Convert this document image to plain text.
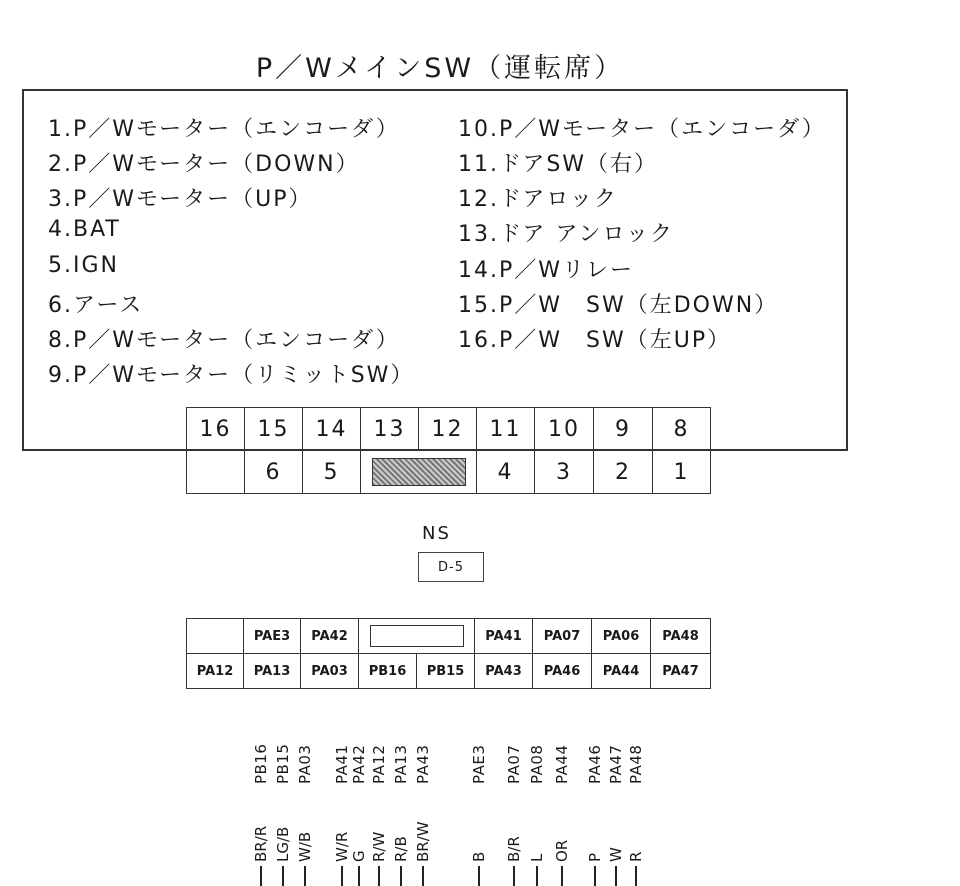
P／WメインSW（運転席）
1.P／Wモーター（エンコーダ）
2.P／Wモーター（DOWN）
3.P／Wモーター（UP）
4.BAT
5.IGN
6.アース
8.P／Wモーター（エンコーダ）
9.P／Wモーター（リミットSW）
10.P／Wモーター（エンコーダ）
11.ドアSW（右）
12.ドアロック
13.ドア アンロック
14.P／Wリレー
15.P／W　SW（左DOWN）
16.P／W　SW（左UP）
16	15	14	13	12	11	10	9	8
	6	5			4	3	2	1
NS
D-5
	PAE3	PA42			PA41	PA07	PA06	PA48
PA12	PA13	PA03	PB16	PB15	PA43	PA46	PA44	PA47
PB16
BR/R
PB15
LG/B
PA03
W/B
PA41
W/R
PA42
G
PA12
R/W
PA13
R/B
PA43
BR/W
PAE3
B
PA07
B/R
PA08
L
PA44
OR
PA46
P
PA47
W
PA48
R
